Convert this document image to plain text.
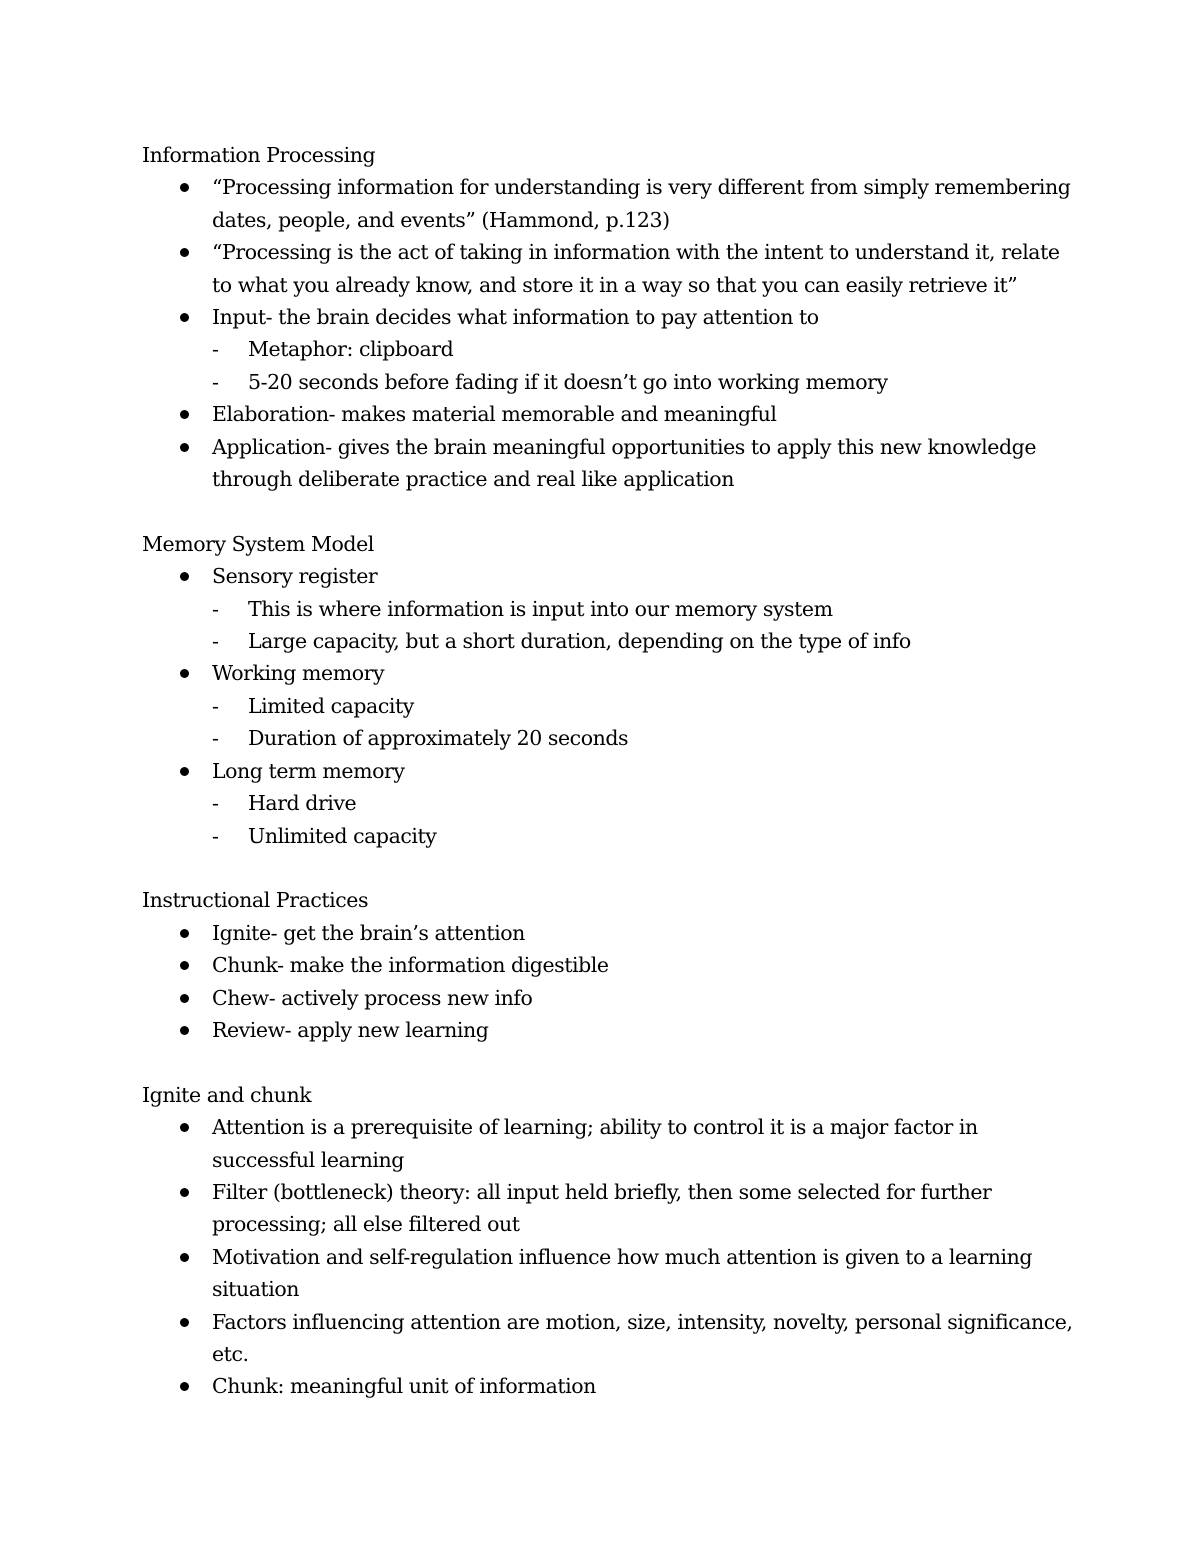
Information Processing
“Processing information for understanding is very different from simply remembering dates, people, and events” (Hammond, p.123)
“Processing is the act of taking in information with the intent to understand it, relate to what you already know, and store it in a way so that you can easily retrieve it”
Input- the brain decides what information to pay attention to
- Metaphor: clipboard
- 5-20 seconds before fading if it doesn’t go into working memory
Elaboration- makes material memorable and meaningful
Application- gives the brain meaningful opportunities to apply this new knowledge through deliberate practice and real like application
Memory System Model
Sensory register
- This is where information is input into our memory system
- Large capacity, but a short duration, depending on the type of info
Working memory
- Limited capacity
- Duration of approximately 20 seconds
Long term memory
- Hard drive
- Unlimited capacity
Instructional Practices
Ignite- get the brain’s attention
Chunk- make the information digestible
Chew- actively process new info
Review- apply new learning
Ignite and chunk
Attention is a prerequisite of learning; ability to control it is a major factor in successful learning
Filter (bottleneck) theory: all input held briefly, then some selected for further processing; all else filtered out
Motivation and self-regulation influence how much attention is given to a learning situation
Factors influencing attention are motion, size, intensity, novelty, personal significance, etc.
Chunk: meaningful unit of information
